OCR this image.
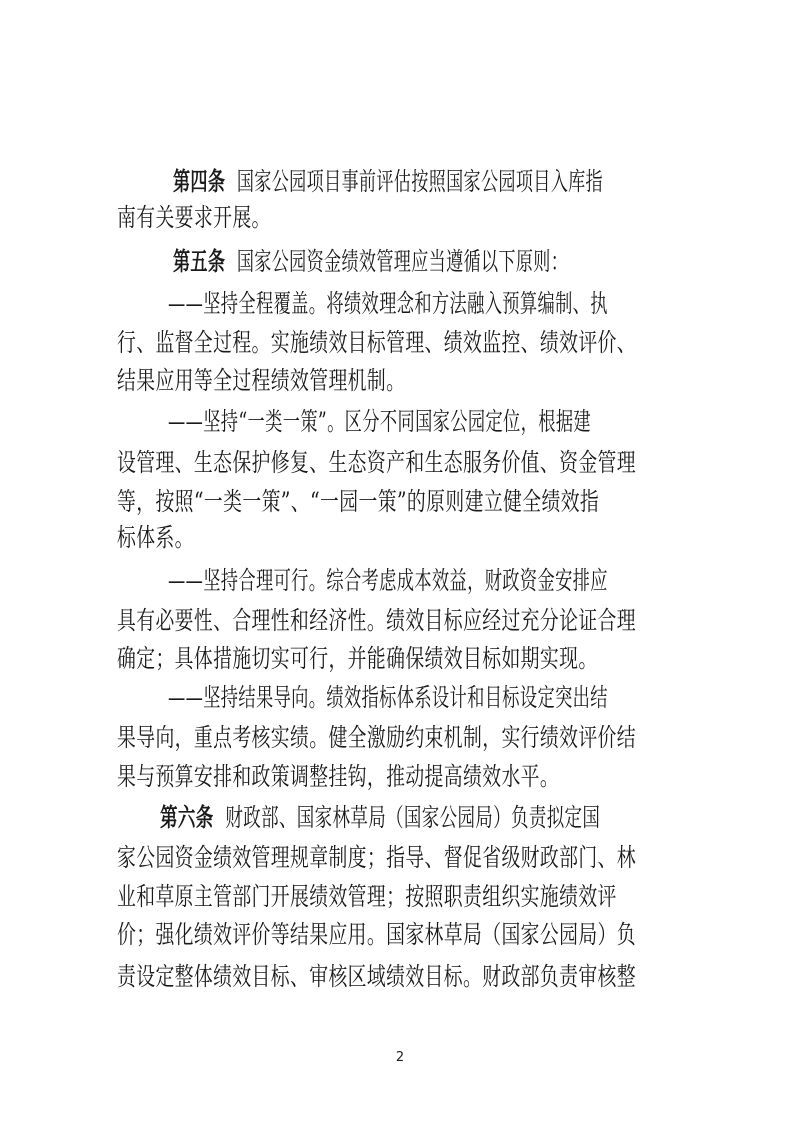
第四条 国家公园项目事前评估按照国家公园项目入库指
南有关要求开展。
第五条 国家公园资金绩效管理应当遵循以下原则：
——坚持全程覆盖。将绩效理念和方法融入预算编制、执
行、监督全过程。实施绩效目标管理、绩效监控、绩效评价、
结果应用等全过程绩效管理机制。
——坚持“一类一策”。区分不同国家公园定位，根据建
设管理、生态保护修复、生态资产和生态服务价值、资金管理
等，按照“一类一策”、“一园一策”的原则建立健全绩效指
标体系。
——坚持合理可行。综合考虑成本效益，财政资金安排应
具有必要性、合理性和经济性。绩效目标应经过充分论证合理
确定；具体措施切实可行，并能确保绩效目标如期实现。
——坚持结果导向。绩效指标体系设计和目标设定突出结
果导向，重点考核实绩。健全激励约束机制，实行绩效评价结
果与预算安排和政策调整挂钩，推动提高绩效水平。
第六条 财政部、国家林草局（国家公园局）负责拟定国
家公园资金绩效管理规章制度；指导、督促省级财政部门、林
业和草原主管部门开展绩效管理；按照职责组织实施绩效评
价；强化绩效评价等结果应用。国家林草局（国家公园局）负
责设定整体绩效目标、审核区域绩效目标。财政部负责审核整
2
